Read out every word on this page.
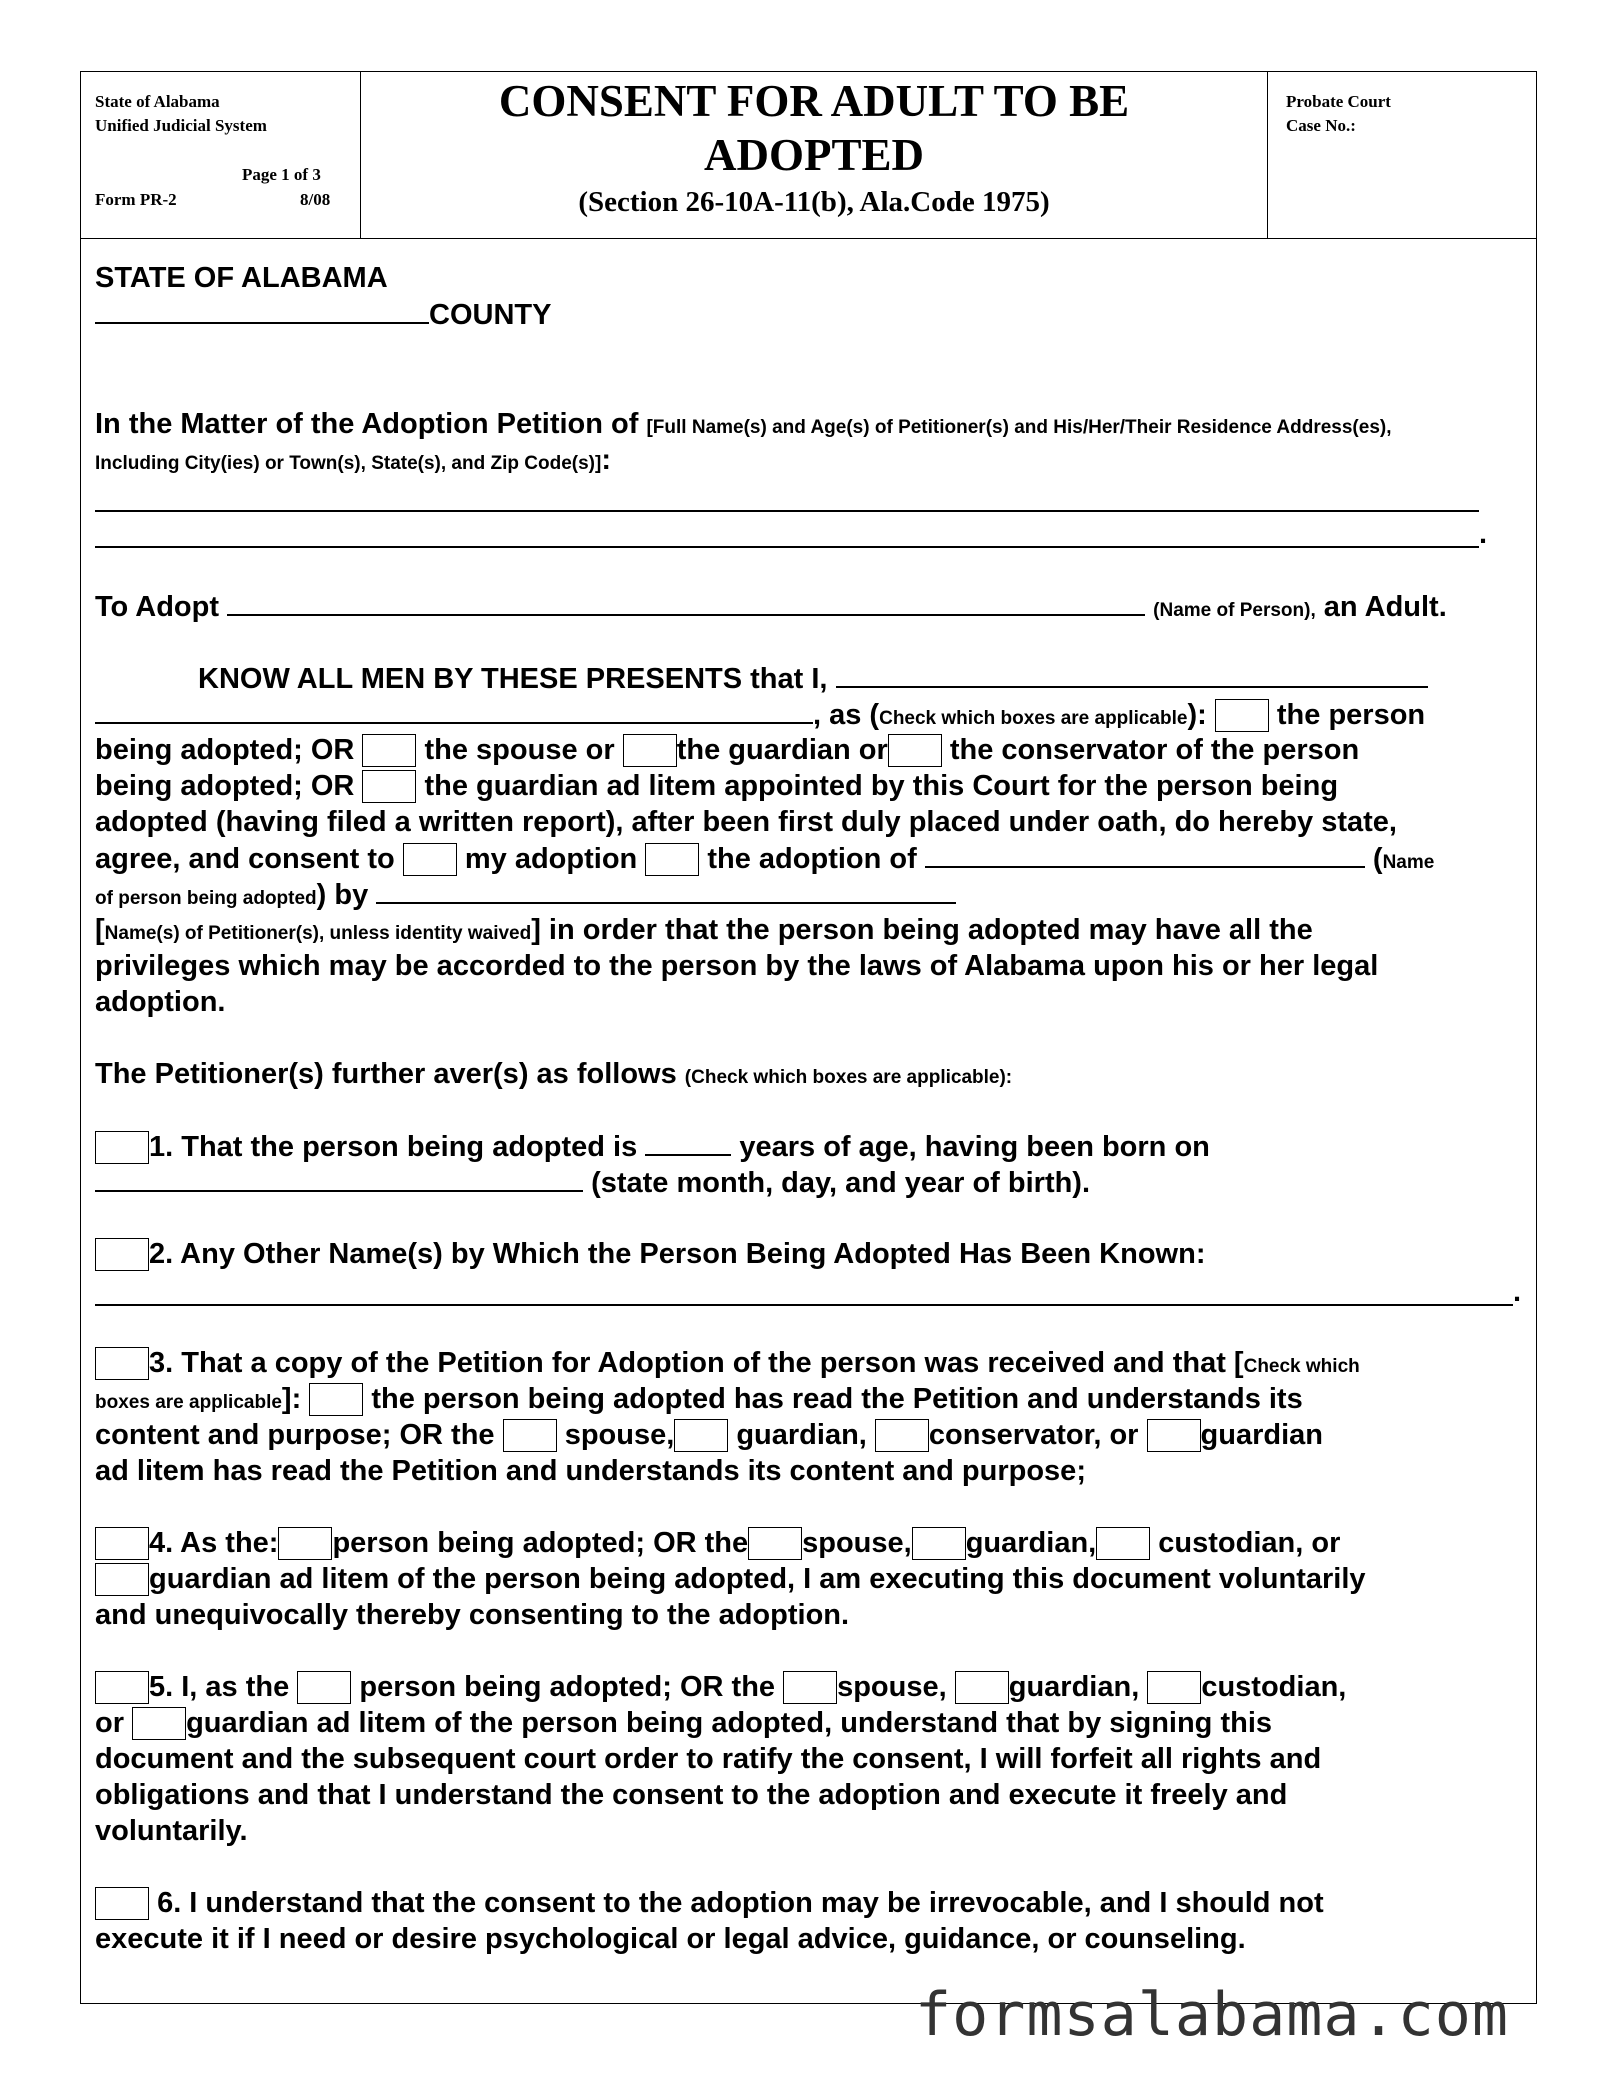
State of Alabama
Unified Judicial System
Page 1 of 3
Form PR-2	8/08
CONSENT FOR ADULT TO BE
ADOPTED
(Section 26-10A-11(b), Ala.Code 1975)
Probate Court
Case No.:
STATE OF ALABAMA
COUNTY
In the Matter of the Adoption Petition of [Full Name(s) and Age(s) of Petitioner(s) and His/Her/Their Residence Address(es),
Including City(ies) or Town(s), State(s), and Zip Code(s)]:
.
To Adopt	(Name of Person), an Adult.
KNOW ALL MEN BY THESE PRESENTS that I,
, as (Check which boxes are applicable): the person
being adopted; OR the spouse or the guardian or the conservator of the person
being adopted; OR the guardian ad litem appointed by this Court for the person being
adopted (having filed a written report), after been first duly placed under oath, do hereby state,
agree, and consent to my adoption the adoption of	(Name
of person being adopted) by
[Name(s) of Petitioner(s), unless identity waived] in order that the person being adopted may have all the
privileges which may be accorded to the person by the laws of Alabama upon his or her legal
adoption.
The Petitioner(s) further aver(s) as follows (Check which boxes are applicable):
1. That the person being adopted is	years of age, having been born on
(state month, day, and year of birth).
2. Any Other Name(s) by Which the Person Being Adopted Has Been Known:
.
3. That a copy of the Petition for Adoption of the person was received and that [Check which
boxes are applicable]: the person being adopted has read the Petition and understands its
content and purpose; OR the spouse, guardian, conservator, or guardian
ad litem has read the Petition and understands its content and purpose;
4. As the: person being adopted; OR the spouse, guardian, custodian, or
guardian ad litem of the person being adopted, I am executing this document voluntarily
and unequivocally thereby consenting to the adoption.
5. I, as the person being adopted; OR the spouse, guardian, custodian,
or guardian ad litem of the person being adopted, understand that by signing this
document and the subsequent court order to ratify the consent, I will forfeit all rights and
obligations and that I understand the consent to the adoption and execute it freely and
voluntarily.
6. I understand that the consent to the adoption may be irrevocable, and I should not
execute it if I need or desire psychological or legal advice, guidance, or counseling.
formsalabama.com
